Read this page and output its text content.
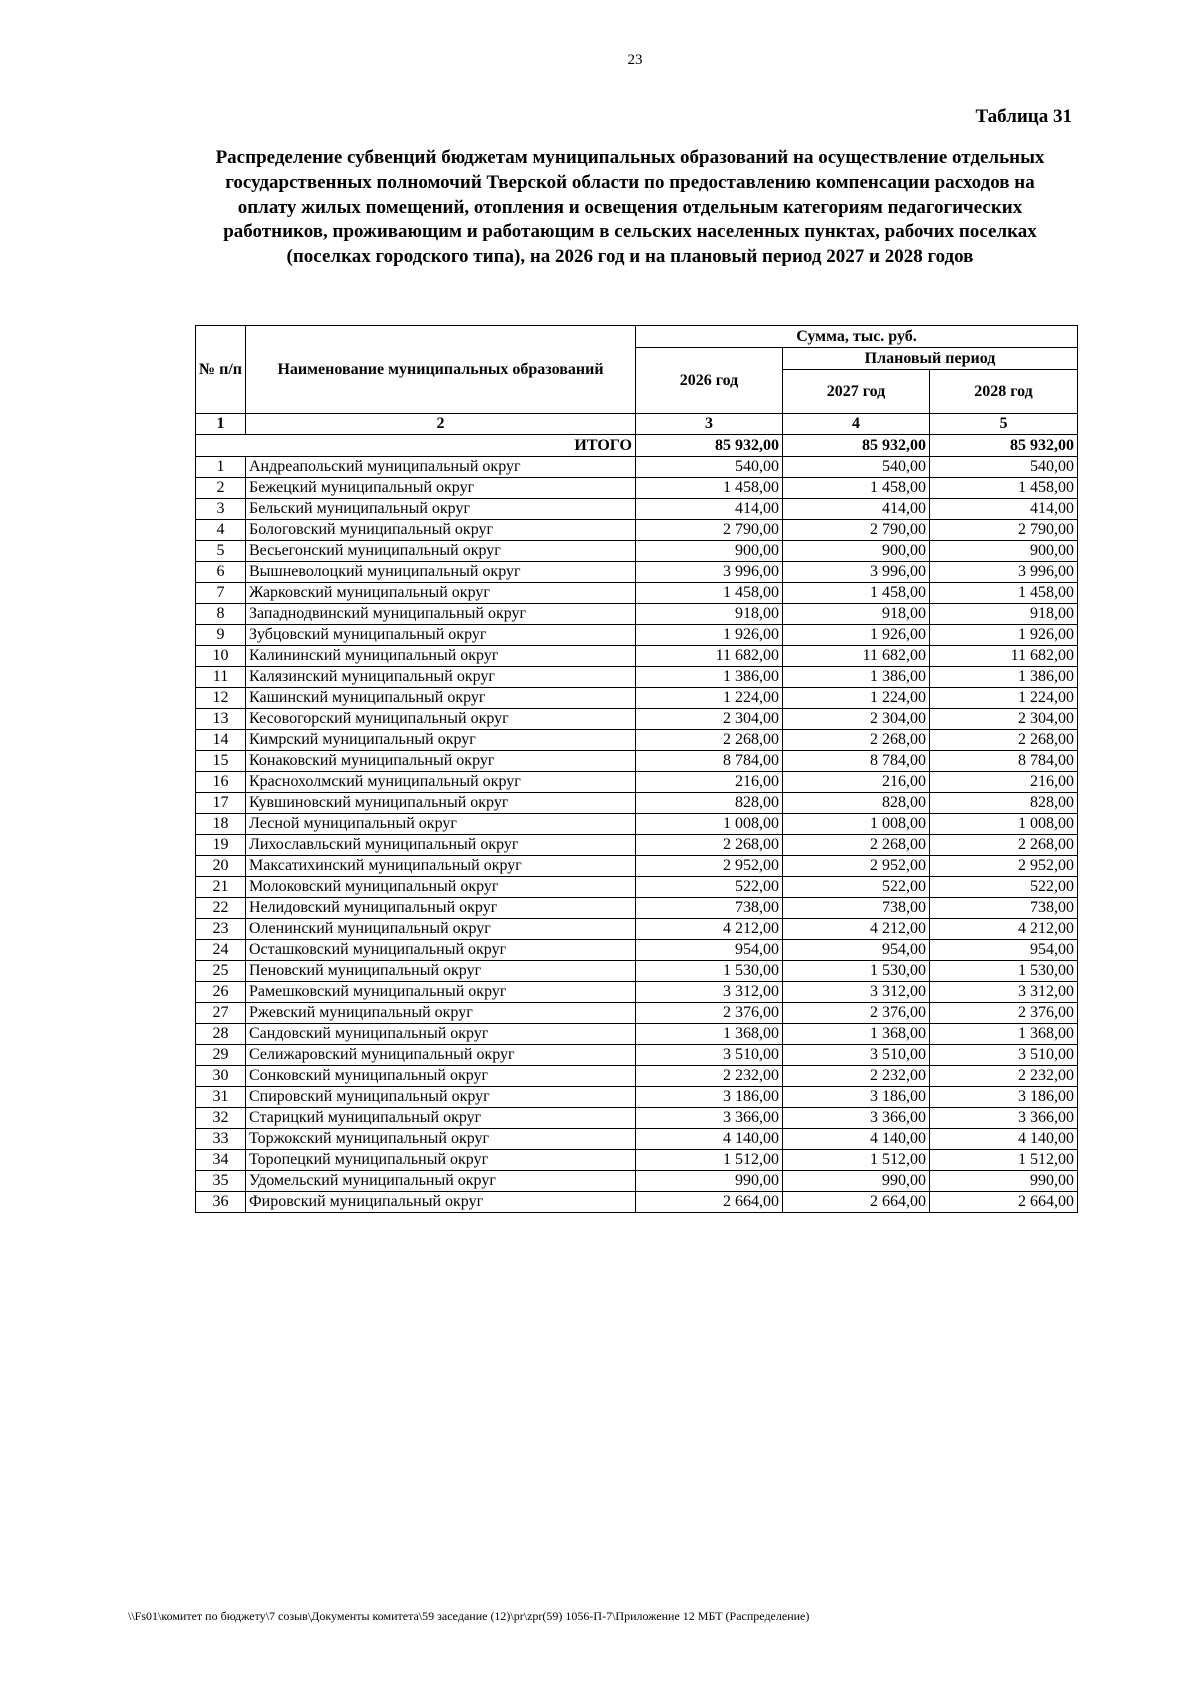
23
Таблица 31
Распределение субвенций бюджетам муниципальных образований на осуществление отдельных государственных полномочий Тверской области по предоставлению компенсации расходов на оплату жилых помещений, отопления и освещения отдельным категориям педагогических работников, проживающим и работающим в сельских населенных пунктах, рабочих поселках (поселках городского типа), на 2026 год и на плановый период 2027 и 2028 годов
№ п/п	Наименование муниципальных образований	Сумма, тыс. руб.		
		2026 год	Плановый период	
			2027 год	2028 год
1	2	3	4	5
ИТОГО		85 932,00	85 932,00	85 932,00
1	Андреапольский муниципальный округ	540,00	540,00	540,00
2	Бежецкий муниципальный округ	1 458,00	1 458,00	1 458,00
3	Бельский муниципальный округ	414,00	414,00	414,00
4	Бологовский муниципальный округ	2 790,00	2 790,00	2 790,00
5	Весьегонский муниципальный округ	900,00	900,00	900,00
6	Вышневолоцкий муниципальный округ	3 996,00	3 996,00	3 996,00
7	Жарковский муниципальный округ	1 458,00	1 458,00	1 458,00
8	Западнодвинский муниципальный округ	918,00	918,00	918,00
9	Зубцовский муниципальный округ	1 926,00	1 926,00	1 926,00
10	Калининский муниципальный округ	11 682,00	11 682,00	11 682,00
11	Калязинский муниципальный округ	1 386,00	1 386,00	1 386,00
12	Кашинский муниципальный округ	1 224,00	1 224,00	1 224,00
13	Кесовогорский муниципальный округ	2 304,00	2 304,00	2 304,00
14	Кимрский муниципальный округ	2 268,00	2 268,00	2 268,00
15	Конаковский муниципальный округ	8 784,00	8 784,00	8 784,00
16	Краснохолмский муниципальный округ	216,00	216,00	216,00
17	Кувшиновский муниципальный округ	828,00	828,00	828,00
18	Лесной муниципальный округ	1 008,00	1 008,00	1 008,00
19	Лихославльский муниципальный округ	2 268,00	2 268,00	2 268,00
20	Максатихинский муниципальный округ	2 952,00	2 952,00	2 952,00
21	Молоковский муниципальный округ	522,00	522,00	522,00
22	Нелидовский муниципальный округ	738,00	738,00	738,00
23	Оленинский муниципальный округ	4 212,00	4 212,00	4 212,00
24	Осташковский муниципальный округ	954,00	954,00	954,00
25	Пеновский муниципальный округ	1 530,00	1 530,00	1 530,00
26	Рамешковский муниципальный округ	3 312,00	3 312,00	3 312,00
27	Ржевский муниципальный округ	2 376,00	2 376,00	2 376,00
28	Сандовский муниципальный округ	1 368,00	1 368,00	1 368,00
29	Селижаровский муниципальный округ	3 510,00	3 510,00	3 510,00
30	Сонковский муниципальный округ	2 232,00	2 232,00	2 232,00
31	Спировский муниципальный округ	3 186,00	3 186,00	3 186,00
32	Старицкий муниципальный округ	3 366,00	3 366,00	3 366,00
33	Торжокский муниципальный округ	4 140,00	4 140,00	4 140,00
34	Торопецкий муниципальный округ	1 512,00	1 512,00	1 512,00
35	Удомельский муниципальный округ	990,00	990,00	990,00
36	Фировский муниципальный округ	2 664,00	2 664,00	2 664,00
\\Fs01\комитет по бюджету\7 созыв\Документы комитета\59 заседание (12)\pr\zpr(59) 1056-П-7\Приложение 12 МБТ (Распределение)
